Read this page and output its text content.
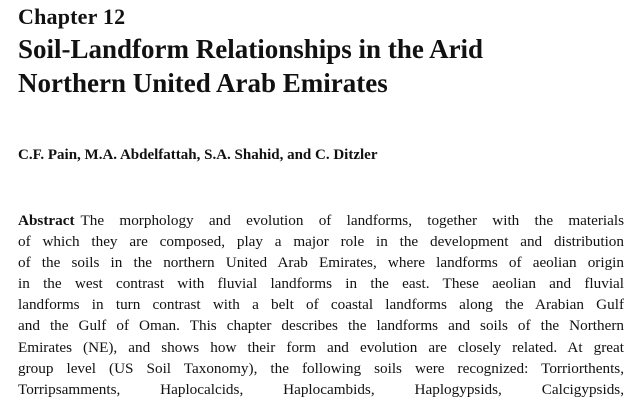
Chapter 12
Soil-Landform Relationships in the Arid
Northern United Arab Emirates
C.F. Pain, M.A. Abdelfattah, S.A. Shahid, and C. Ditzler
Abstract The morphology and evolution of landforms, together with the materials
of which they are composed, play a major role in the development and distribution
of the soils in the northern United Arab Emirates, where landforms of aeolian origin
in the west contrast with fluvial landforms in the east. These aeolian and fluvial
landforms in turn contrast with a belt of coastal landforms along the Arabian Gulf
and the Gulf of Oman. This chapter describes the landforms and soils of the Northern
Emirates (NE), and shows how their form and evolution are closely related. At great
group level (US Soil Taxonomy), the following soils were recognized: Torriorthents,
Torripsamments, Haplocalcids, Haplocambids, Haplogypsids, Calcigypsids,
